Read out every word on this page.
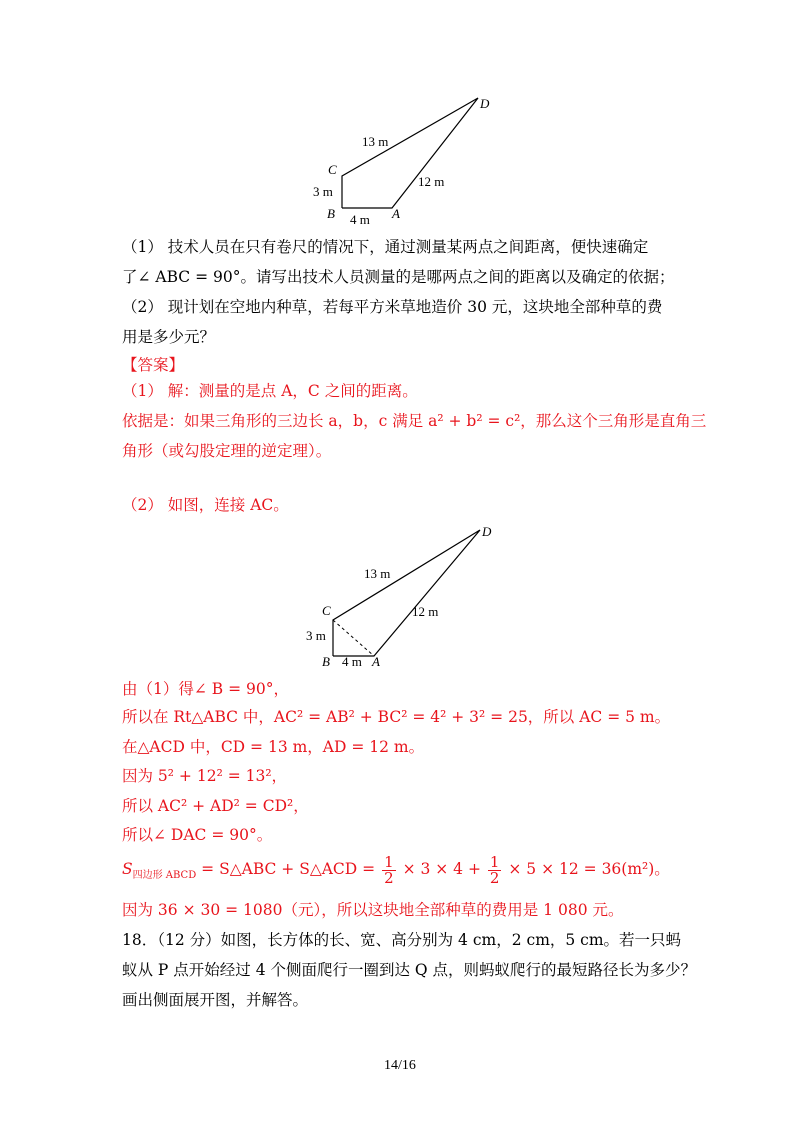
D
C
B	A
13 m
12 m
3 m
4 m
（1） 技术人员在只有卷尺的情况下，通过测量某两点之间距离，便快速确定
了∠ ABC = 90°。请写出技术人员测量的是哪两点之间的距离以及确定的依据；
（2） 现计划在空地内种草，若每平方米草地造价 30 元，这块地全部种草的费
用是多少元？
【答案】
（1） 解：测量的是点 A，C 之间的距离。
依据是：如果三角形的三边长 a，b，c 满足 a² + b² = c²，那么这个三角形是直角三
角形（或勾股定理的逆定理）。
（2） 如图，连接 AC。
D
C
B	A
13 m
12 m
3 m
4 m
由（1）得∠ B = 90°，
所以在 Rt△ABC 中，AC² = AB² + BC² = 4² + 3² = 25，所以 AC = 5 m。
在△ACD 中，CD = 13 m，AD = 12 m。
因为 5² + 12² = 13²，
所以 AC² + AD² = CD²，
所以∠ DAC = 90°。
$S_{四边形 ABCD}$ = S△ABC + S△ACD = $\frac{1}{2} \times 3 \times 4 + \frac{1}{2} \times 5 \times 12 = 36(m^2)$。
因为 36 × 30 = 1080（元），所以这块地全部种草的费用是 1 080 元。
18．（12 分）如图，长方体的长、宽、高分别为 4 cm，2 cm，5 cm。若一只蚂
蚁从 P 点开始经过 4 个侧面爬行一圈到达 Q 点，则蚂蚁爬行的最短路径长为多少？
画出侧面展开图，并解答。
14/16
